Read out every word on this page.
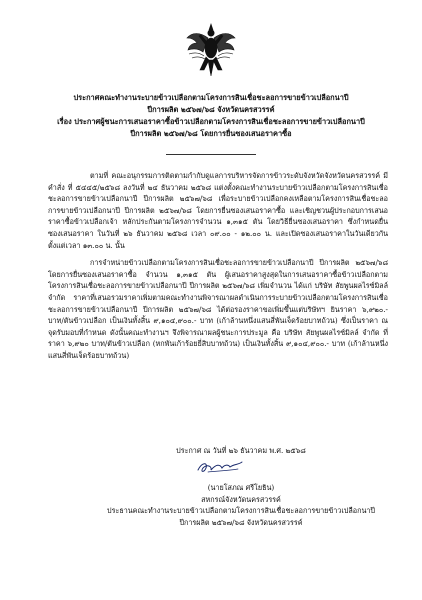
ประกาศคณะทำงานระบายข้าวเปลือกตามโครงการสินเชื่อชะลอการขายข้าวเปลือกนาปี
ปีการผลิต ๒๕๖๗/๖๘ จังหวัดนครสวรรค์
เรื่อง ประกาศผู้ชนะการเสนอราคาซื้อข้าวเปลือกตามโครงการสินเชื่อชะลอการขายข้าวเปลือกนาปี
ปีการผลิต ๒๕๖๗/๖๘ โดยการยื่นซองเสนอราคาซื้อ

ตามที่ คณะอนุกรรมการติดตามกำกับดูแลการบริหารจัดการข้าวระดับจังหวัดจังหวัดนครสวรรค์ มีคำสั่ง ที่ ๕๔๔๕/๒๕๖๘ ลงวันที่ ๒๔ ธันวาคม ๒๕๖๘ แต่งตั้งคณะทำงานระบายข้าวเปลือกตามโครงการสินเชื่อชะลอการขายข้าวเปลือกนาปี ปีการผลิต ๒๕๖๗/๖๘ เพื่อระบายข้าวเปลือกคงเหลือตามโครงการสินเชื่อชะลอการขายข้าวเปลือกนาปี ปีการผลิต ๒๕๖๗/๖๘ โดยการยื่นซองเสนอราคาซื้อ และเชิญชวนผู้ประกอบการเสนอราคาซื้อข้าวเปลือกเจ้า หลักประกันตามโครงการจำนวน ๑,๓๑๕ ตัน โดยวิธียื่นซองเสนอราคา ซึ่งกำหนดยื่นซองเสนอราคา ในวันที่ ๒๖ ธันวาคม ๒๕๖๘ เวลา ๐๙.๐๐ - ๑๒.๐๐ น. และเปิดซองเสนอราคาในวันเดียวกัน ตั้งแต่เวลา ๑๓.๐๐ น. นั้น

การจำหน่ายข้าวเปลือกตามโครงการสินเชื่อชะลอการขายข้าวเปลือกนาปี ปีการผลิต ๒๕๖๗/๖๘ โดยการยื่นซองเสนอราคาซื้อ จำนวน ๑,๓๑๕ ตัน ผู้เสนอราคาสูงสุดในการเสนอราคาซื้อข้าวเปลือกตามโครงการสินเชื่อชะลอการขายข้าวเปลือกนาปี ปีการผลิต ๒๕๖๗/๖๘ เพิ่มจำนวน ได้แก่ บริษัท สัยพูนผลไรซ์มิลล์ จำกัด ราคาที่เสนอรวมราคาเพิ่มตามคณะทำงานพิจารณาผลดำเนินการระบายข้าวเปลือกตามโครงการสินเชื่อชะลอการขายข้าวเปลือกนาปี ปีการผลิต ๒๕๖๗/๖๘ ได้ต่อรองราคาขอเพิ่มขึ้นแต่บริษัทฯ ยินราคา ๖,๙๒๐.- บาท/ตันข้าวเปลือก เป็นเงินทั้งสิ้น ๙,๑๐๔,๙๐๐.- บาท (เก้าล้านหนึ่งแสนสี่พันเจ็ดร้อยบาทถ้วน) ซึ่งเป็นราคา ณ จุดรับมอบที่กำหนด ดังนั้นคณะทำงานฯ จึงพิจารณาผลผู้ชนะการประมูล คือ บริษัท สัยพูนผลไรซ์มิลล์ จำกัด ที่ราคา ๖,๙๒๐ บาท/ตันข้าวเปลือก (หกพันเก้าร้อยยี่สิบบาทถ้วน) เป็นเงินทั้งสิ้น ๙,๑๐๔,๙๐๐.- บาท (เก้าล้านหนึ่งแสนสี่พันเจ็ดร้อยบาทถ้วน)

ประกาศ ณ วันที่ ๒๖ ธันวาคม พ.ศ. ๒๕๖๘
(นายโสภณ ศรีโยธิน)
สหกรณ์จังหวัดนครสวรรค์
ประธานคณะทำงานระบายข้าวเปลือกตามโครงการสินเชื่อชะลอการขายข้าวเปลือกนาปี
ปีการผลิต ๒๕๖๗/๖๘ จังหวัดนครสวรรค์
